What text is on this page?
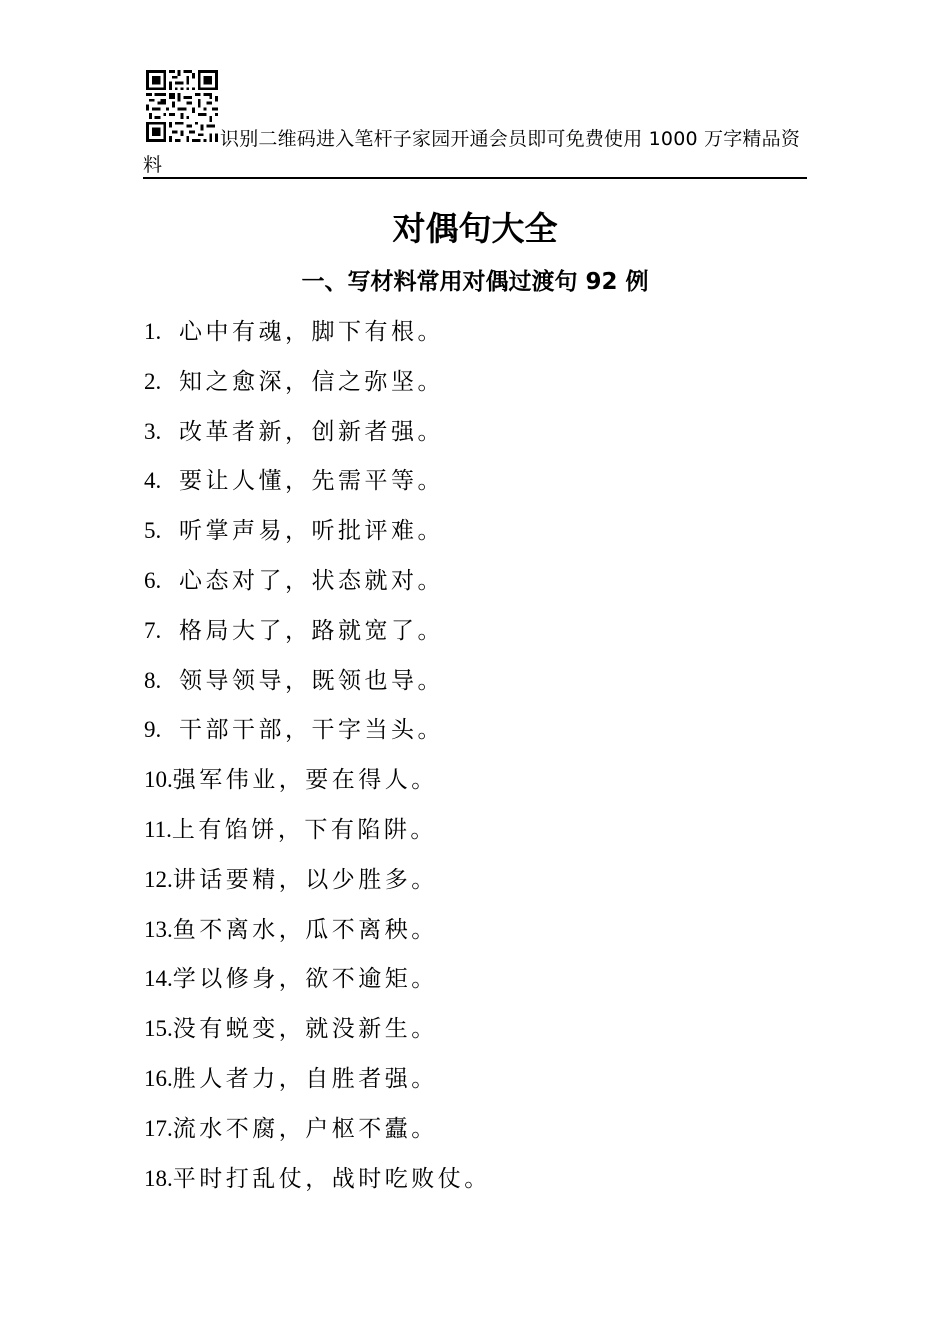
识别二维码进入笔杆子家园开通会员即可免费使用 1000 万字精品资料
对偶句大全
一、写材料常用对偶过渡句 92 例
1. 心中有魂，脚下有根。
2. 知之愈深，信之弥坚。
3. 改革者新，创新者强。
4. 要让人懂，先需平等。
5. 听掌声易，听批评难。
6. 心态对了，状态就对。
7. 格局大了，路就宽了。
8. 领导领导，既领也导。
9. 干部干部，干字当头。
10.强军伟业，要在得人。
11.上有馅饼，下有陷阱。
12.讲话要精，以少胜多。
13.鱼不离水，瓜不离秧。
14.学以修身，欲不逾矩。
15.没有蜕变，就没新生。
16.胜人者力，自胜者强。
17.流水不腐，户枢不蠹。
18.平时打乱仗，战时吃败仗。
